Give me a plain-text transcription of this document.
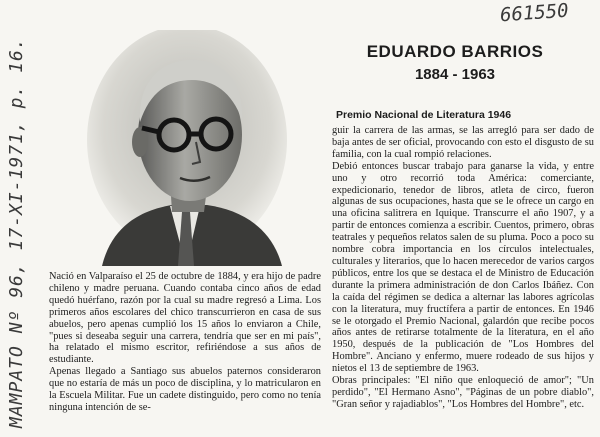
661550
MAMPATO Nº 96, 17-XI-1971, p. 16.	EDUARDO BARRIOS
1884 - 1963
Premio Nacional de Literatura 1946

Nació en Valparaíso el 25 de octubre de 1884, y era hijo de padre chileno y madre peruana. Cuando contaba cinco años de edad quedó huérfano, razón por la cual su madre regresó a Lima. Los primeros años escolares del chico transcurrieron en casa de sus abuelos, pero apenas cumplió los 15 años lo enviaron a Chile, "pues si deseaba seguir una carrera, tendría que ser en mi país", ha relatado el mismo escritor, refiriéndose a sus años de estudiante.

Apenas llegado a Santiago sus abuelos paternos consideraron que no estaría de más un poco de disciplina, y lo matricularon en la Escuela Militar. Fue un cadete distinguido, pero como no tenía ninguna intención de se-

guir la carrera de las armas, se las arregló para ser dado de baja antes de ser oficial, provocando con esto el disgusto de su familia, con la cual rompió relaciones.

Debió entonces buscar trabajo para ganarse la vida, y entre uno y otro recorrió toda América: comerciante, expedicionario, tenedor de libros, atleta de circo, fueron algunas de sus ocupaciones, hasta que se le ofrece un cargo en una oficina salitrera en Iquique. Transcurre el año 1907, y a partir de entonces comienza a escribir. Cuentos, primero, obras teatrales y pequeños relatos salen de su pluma. Poco a poco su nombre cobra importancia en los círculos intelectuales, culturales y literarios, que lo hacen merecedor de varios cargos públicos, entre los que se destaca el de Ministro de Educación durante la primera administración de don Carlos Ibáñez. Con la caída del régimen se dedica a alternar las labores agrícolas con la literatura, muy fructífera a partir de entonces. En 1946 se le otorgado el Premio Nacional, galardón que recibe pocos años antes de retirarse totalmente de la literatura, en el año 1950, después de la publicación de "Los Hombres del Hombre". Anciano y enfermo, muere rodeado de sus hijos y nietos el 13 de septiembre de 1963.

Obras principales: "El niño que enloqueció de amor"; "Un perdido", "El Hermano Asno", "Páginas de un pobre diablo", "Gran señor y rajadiablos", "Los Hombres del Hombre", etc.
